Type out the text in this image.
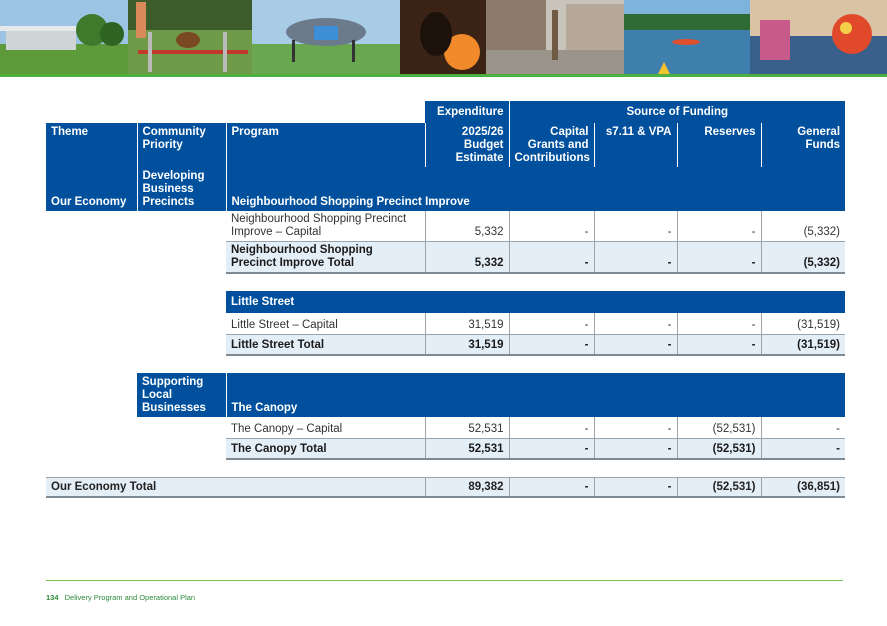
			Expenditure	Source of Funding			
Theme	Community Priority	Program	2025/26 Budget Estimate	Capital Grants and Contributions	s7.11 & VPA	Reserves	General Funds
Our Economy	Developing Business Precincts	Neighbourhood Shopping Precinct Improve					
		Neighbourhood Shopping Precinct Improve – Capital	5,332	-	-	-	(5,332)
		Neighbourhood Shopping Precinct Improve Total	5,332	-	-	-	(5,332)

		Little Street					
		Little Street – Capital	31,519	-	-	-	(31,519)
		Little Street Total	31,519	-	-	-	(31,519)

	Supporting Local Businesses	The Canopy					
		The Canopy – Capital	52,531	-	-	(52,531)	-
		The Canopy Total	52,531	-	-	(52,531)	-

Our Economy Total			89,382	-	-	(52,531)	(36,851)
134 Delivery Program and Operational Plan
